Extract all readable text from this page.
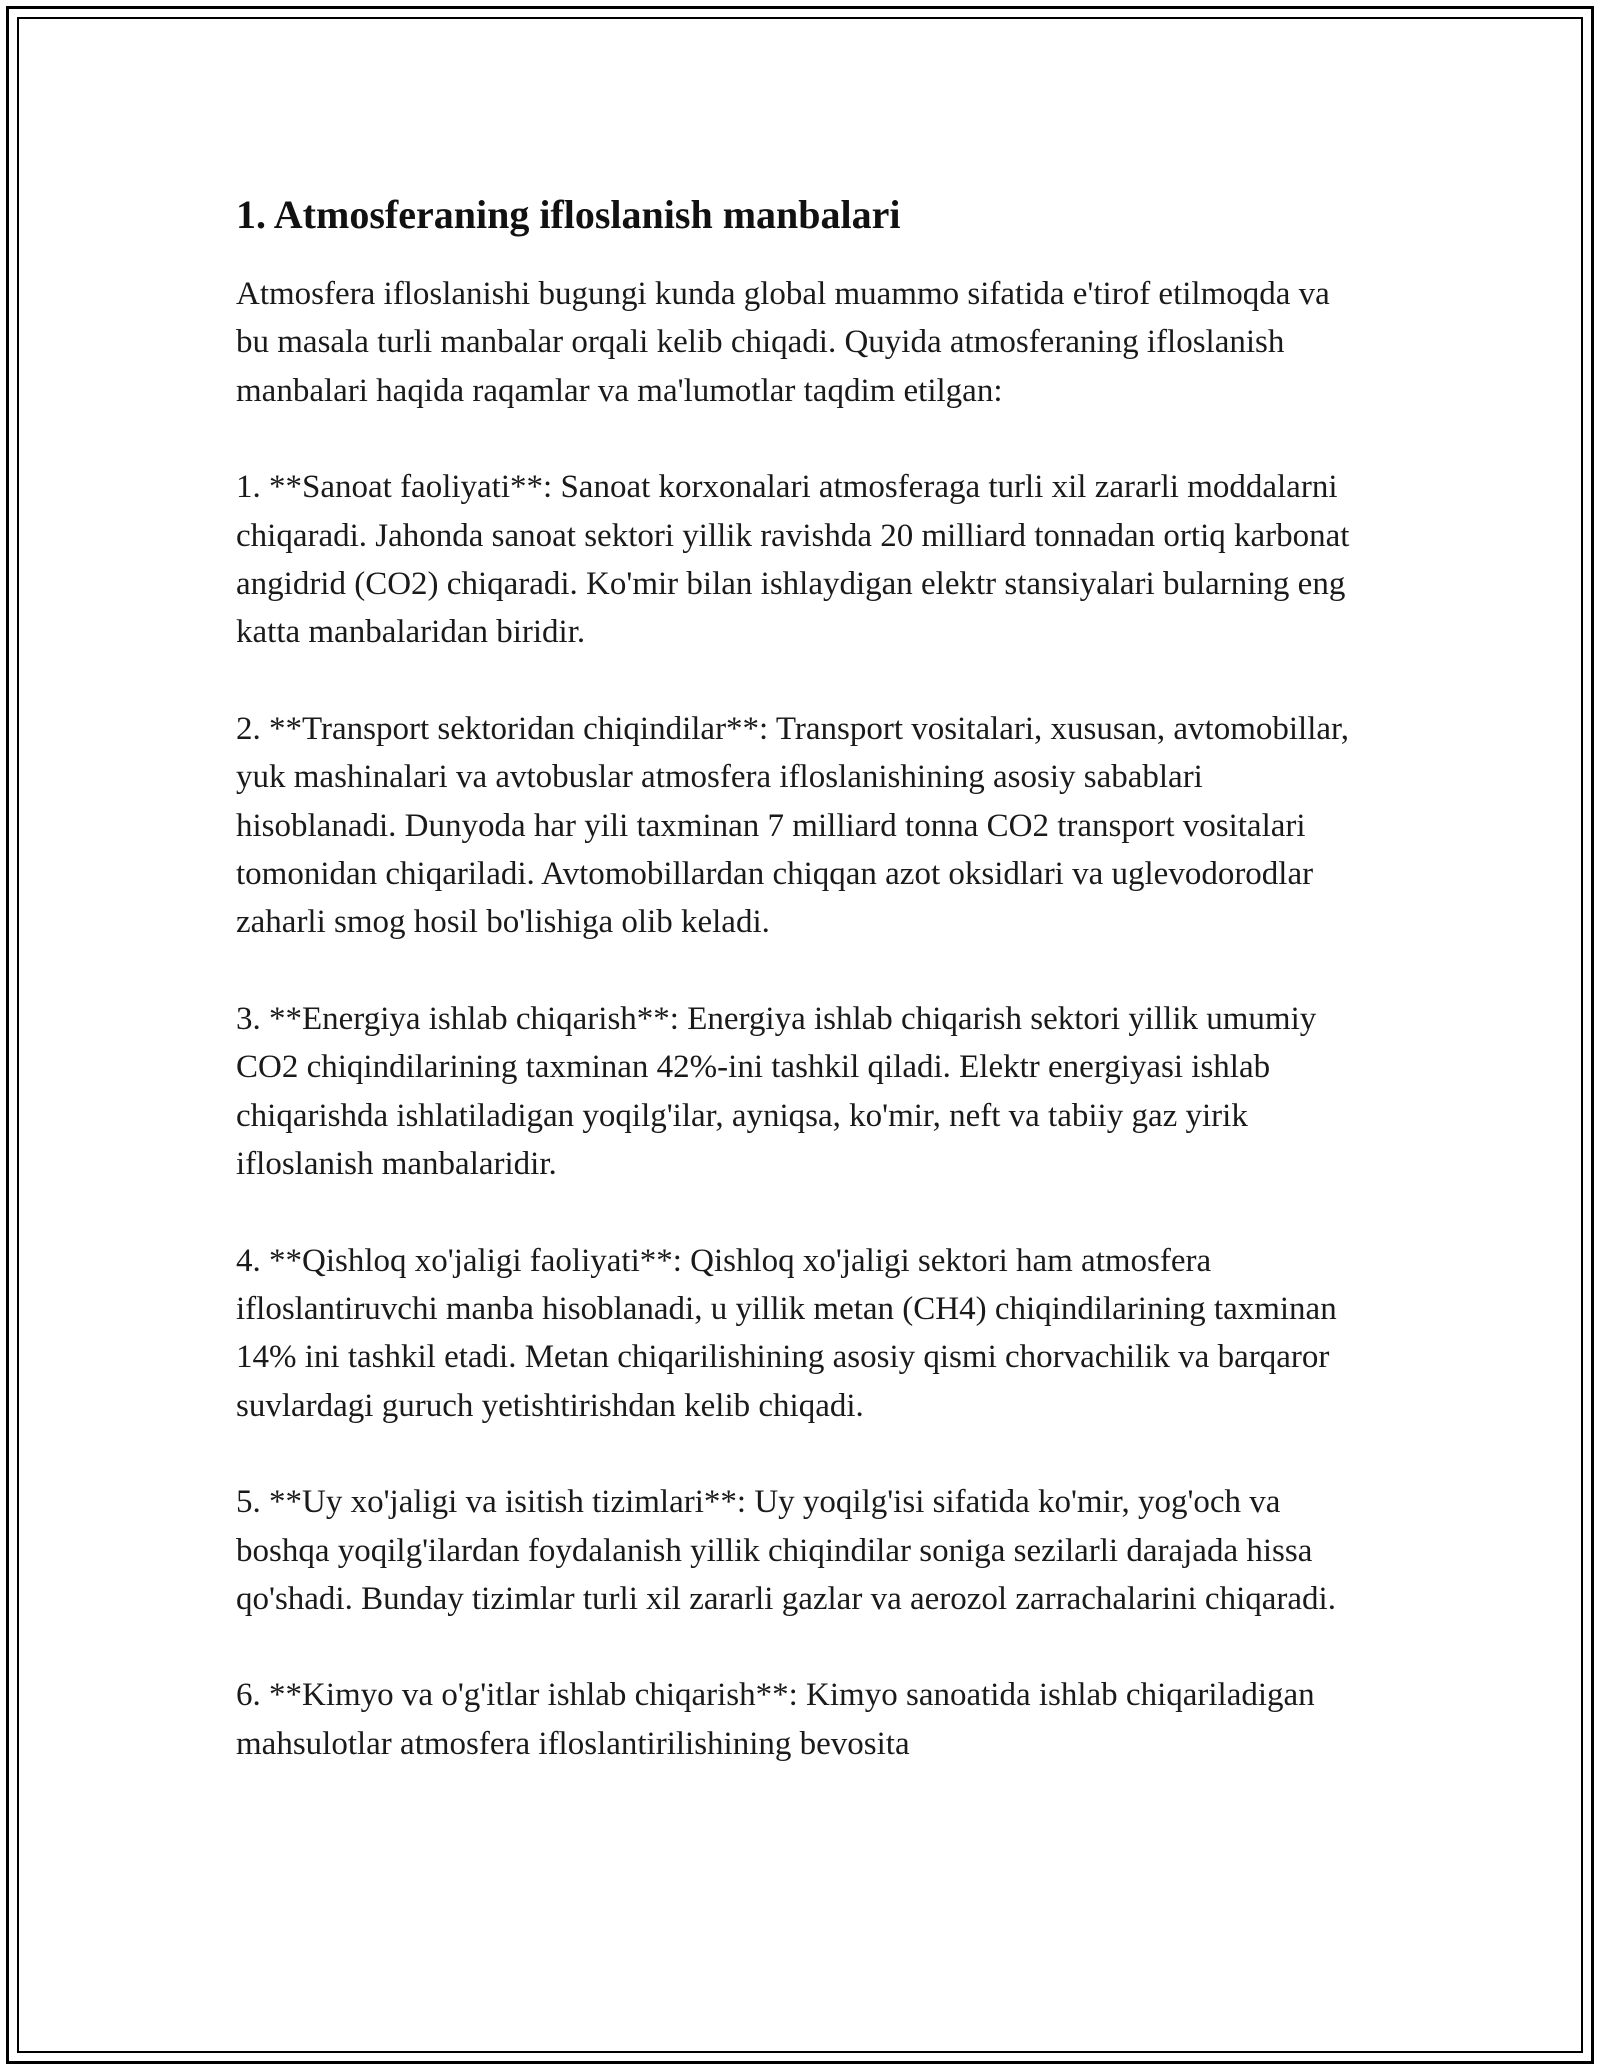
1. Atmosferaning ifloslanish manbalari

Atmosfera ifloslanishi bugungi kunda global muammo sifatida e'tirof etilmoqda va bu masala turli manbalar orqali kelib chiqadi. Quyida atmosferaning ifloslanish manbalari haqida raqamlar va ma'lumotlar taqdim etilgan:

1. **Sanoat faoliyati**: Sanoat korxonalari atmosferaga turli xil zararli moddalarni chiqaradi. Jahonda sanoat sektori yillik ravishda 20 milliard tonnadan ortiq karbonat angidrid (CO2) chiqaradi. Ko'mir bilan ishlaydigan elektr stansiyalari bularning eng katta manbalaridan biridir.

2. **Transport sektoridan chiqindilar**: Transport vositalari, xususan, avtomobillar, yuk mashinalari va avtobuslar atmosfera ifloslanishining asosiy sabablari hisoblanadi. Dunyoda har yili taxminan 7 milliard tonna CO2 transport vositalari tomonidan chiqariladi. Avtomobillardan chiqqan azot oksidlari va uglevodorodlar zaharli smog hosil bo'lishiga olib keladi.

3. **Energiya ishlab chiqarish**: Energiya ishlab chiqarish sektori yillik umumiy CO2 chiqindilarining taxminan 42%-ini tashkil qiladi. Elektr energiyasi ishlab chiqarishda ishlatiladigan yoqilg'ilar, ayniqsa, ko'mir, neft va tabiiy gaz yirik ifloslanish manbalaridir.

4. **Qishloq xo'jaligi faoliyati**: Qishloq xo'jaligi sektori ham atmosfera ifloslantiruvchi manba hisoblanadi, u yillik metan (CH4) chiqindilarining taxminan 14% ini tashkil etadi. Metan chiqarilishining asosiy qismi chorvachilik va barqaror suvlardagi guruch yetishtirishdan kelib chiqadi.

5. **Uy xo'jaligi va isitish tizimlari**: Uy yoqilg'isi sifatida ko'mir, yog'och va boshqa yoqilg'ilardan foydalanish yillik chiqindilar soniga sezilarli darajada hissa qo'shadi. Bunday tizimlar turli xil zararli gazlar va aerozol zarrachalarini chiqaradi.

6. **Kimyo va o'g'itlar ishlab chiqarish**: Kimyo sanoatida ishlab chiqariladigan mahsulotlar atmosfera ifloslantirilishining bevosita
